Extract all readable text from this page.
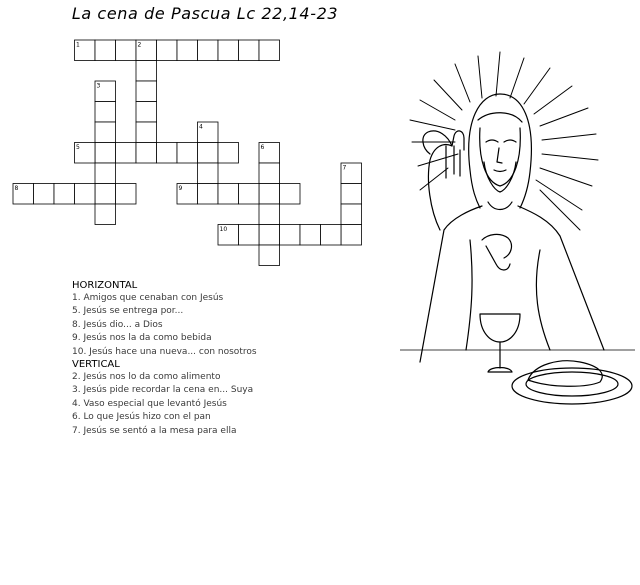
La cena de Pascua Lc 22,14-23
1	2
3
4
5	6
7
8	9
10
HORIZONTAL
1. Amigos que cenaban con Jesús
5. Jesús se entrega por...
8. Jesús dio... a Dios
9. Jesús nos la da como bebida
10. Jesús hace una nueva... con nosotros
VERTICAL
2. Jesús nos lo da como alimento
3. Jesús pide recordar la cena en... Suya
4. Vaso especial que levantó Jesús
6. Lo que Jesús hizo con el pan
7. Jesús se sentó a la mesa para ella
